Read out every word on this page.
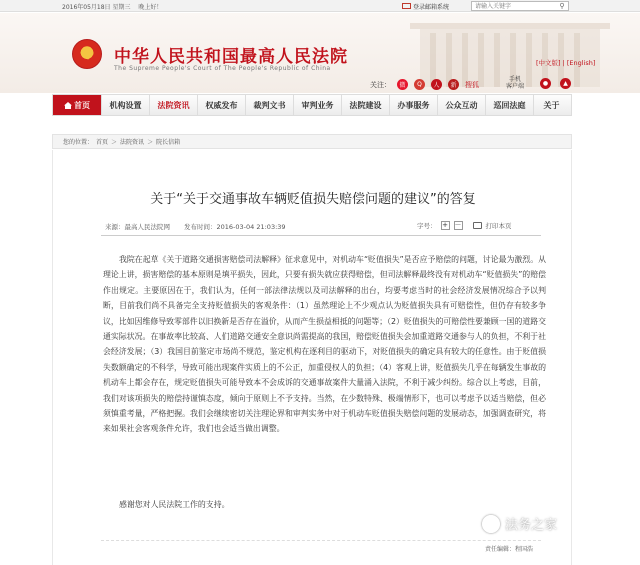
2016年05月18日 星期三　 晚上好！	登录邮箱系统
请输入关键字	⚲
中华人民共和国最高人民法院
The Supreme People's Court of The People's Republic of China
[中文版] | [English]
关注：	微	Q	人	新	搜狐
手机
客户端	●	▲
首页	机构设置	法院资讯	权威发布	裁判文书	审判业务	法院建设	办事服务	公众互动	巡回法庭	关于
您的位置： 首页 ＞ 法院资讯 ＞ 院长信箱
关于“关于交通事故车辆贬值损失赔偿问题的建议”的答复
来源：最高人民法院网 发布时间：2016-03-04 21:03:39	字号： + －	打印本页

我院在起草《关于道路交通损害赔偿司法解释》征求意见中，对机动车“贬值损失”是否应予赔偿的问题，讨论最为激烈。从理论上讲，损害赔偿的基本原则是填平损失，因此，只要有损失就应获得赔偿，但司法解释最终没有对机动车“贬值损失”的赔偿作出规定。主要原因在于，我们认为，任何一部法律法规以及司法解释的出台，均要考虑当时的社会经济发展情况综合予以判断，目前我们尚不具备完全支持贬值损失的客观条件：（1）虽然理论上不少观点认为贬值损失具有可赔偿性，但仍存有较多争议，比如因维修导致零部件以旧换新是否存在溢价，从而产生损益相抵的问题等；（2）贬值损失的可赔偿性要兼顾一国的道路交通实际状况。在事故率比较高、人们道路交通安全意识尚需提高的我国，赔偿贬值损失会加重道路交通参与人的负担，不利于社会经济发展；（3）我国目前鉴定市场尚不规范，鉴定机构在逐利目的驱动下，对贬值损失的确定具有较大的任意性。由于贬值损失数额确定的不科学，导致可能出现案件实质上的不公正，加重侵权人的负担；（4）客观上讲，贬值损失几乎在每辆发生事故的机动车上都会存在，规定贬值损失可能导致本不会成诉的交通事故案件大量涌入法院，不利于减少纠纷。综合以上考虑，目前，我们对该项损失的赔偿持谨慎态度，倾向于原则上不予支持。当然，在少数特殊、极端情形下，也可以考虑予以适当赔偿，但必须慎重考量，严格把握。我们会继续密切关注理论界和审判实务中对于机动车贬值损失赔偿问题的发展动态，加强调查研究，将来如果社会客观条件允许，我们也会适当做出调整。

感谢您对人民法院工作的支持。

责任编辑：程国浩
法务之家
